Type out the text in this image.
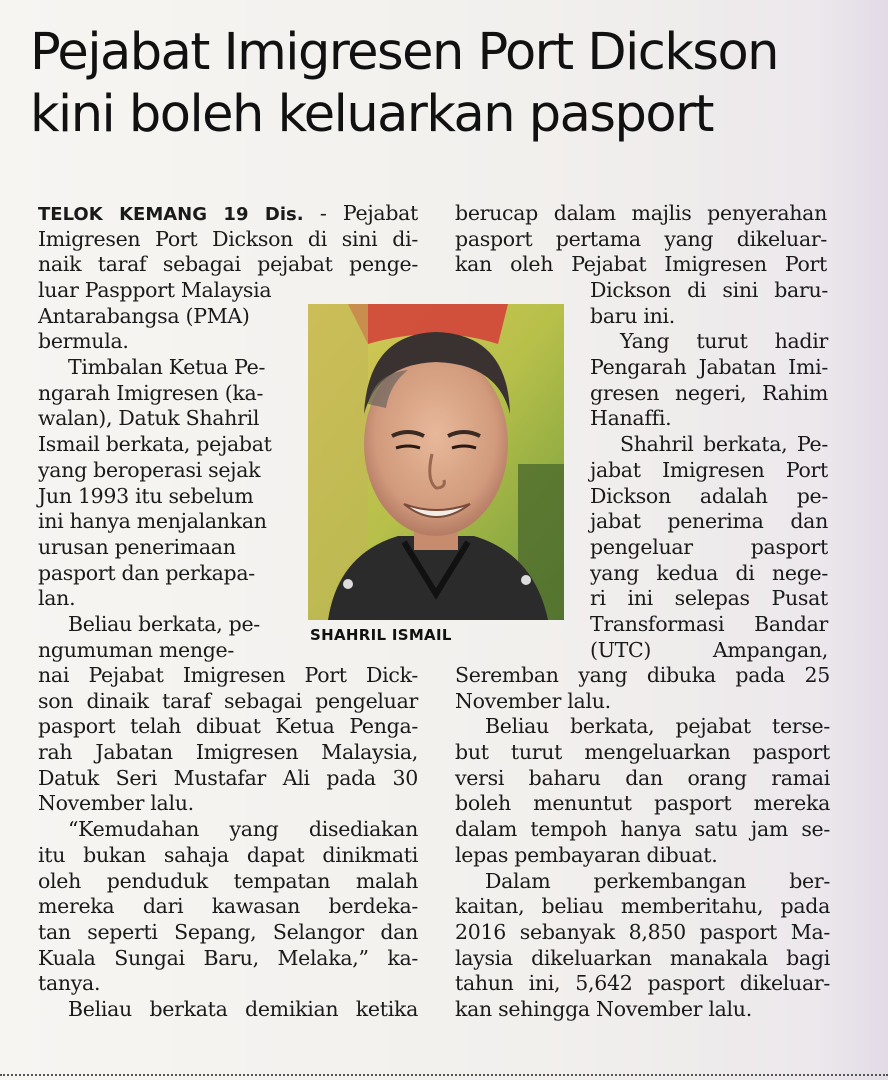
Pejabat Imigresen Port Dickson
kini boleh keluarkan pasport
TELOK KEMANG 19 Dis. - Pejabat
Imigresen Port Dickson di sini di-
naik taraf sebagai pejabat penge-
luar Paspport Malaysia
Antarabangsa (PMA)
bermula.
Timbalan Ketua Pe-
ngarah Imigresen (ka-
walan), Datuk Shahril
Ismail berkata, pejabat
yang beroperasi sejak
Jun 1993 itu sebelum
ini hanya menjalankan
urusan penerimaan
pasport dan perkapa-
lan.
Beliau berkata, pe-
ngumuman menge-
nai Pejabat Imigresen Port Dick-
son dinaik taraf sebagai pengeluar
pasport telah dibuat Ketua Penga-
rah Jabatan Imigresen Malaysia,
Datuk Seri Mustafar Ali pada 30
November lalu.
“Kemudahan yang disediakan
itu bukan sahaja dapat dinikmati
oleh penduduk tempatan malah
mereka dari kawasan berdeka-
tan seperti Sepang, Selangor dan
Kuala Sungai Baru, Melaka,” ka-
tanya.
Beliau berkata demikian ketika
SHAHRIL ISMAIL
berucap dalam majlis penyerahan
pasport pertama yang dikeluar-
kan oleh Pejabat Imigresen Port
Dickson di sini baru-
baru ini.
Yang turut hadir
Pengarah Jabatan Imi-
gresen negeri, Rahim
Hanaffi.
Shahril berkata, Pe-
jabat Imigresen Port
Dickson adalah pe-
jabat penerima dan
pengeluar pasport
yang kedua di nege-
ri ini selepas Pusat
Transformasi Bandar
(UTC) Ampangan,
Seremban yang dibuka pada 25
November lalu.
Beliau berkata, pejabat terse-
but turut mengeluarkan pasport
versi baharu dan orang ramai
boleh menuntut pasport mereka
dalam tempoh hanya satu jam se-
lepas pembayaran dibuat.
Dalam perkembangan ber-
kaitan, beliau memberitahu, pada
2016 sebanyak 8,850 pasport Ma-
laysia dikeluarkan manakala bagi
tahun ini, 5,642 pasport dikeluar-
kan sehingga November lalu.
